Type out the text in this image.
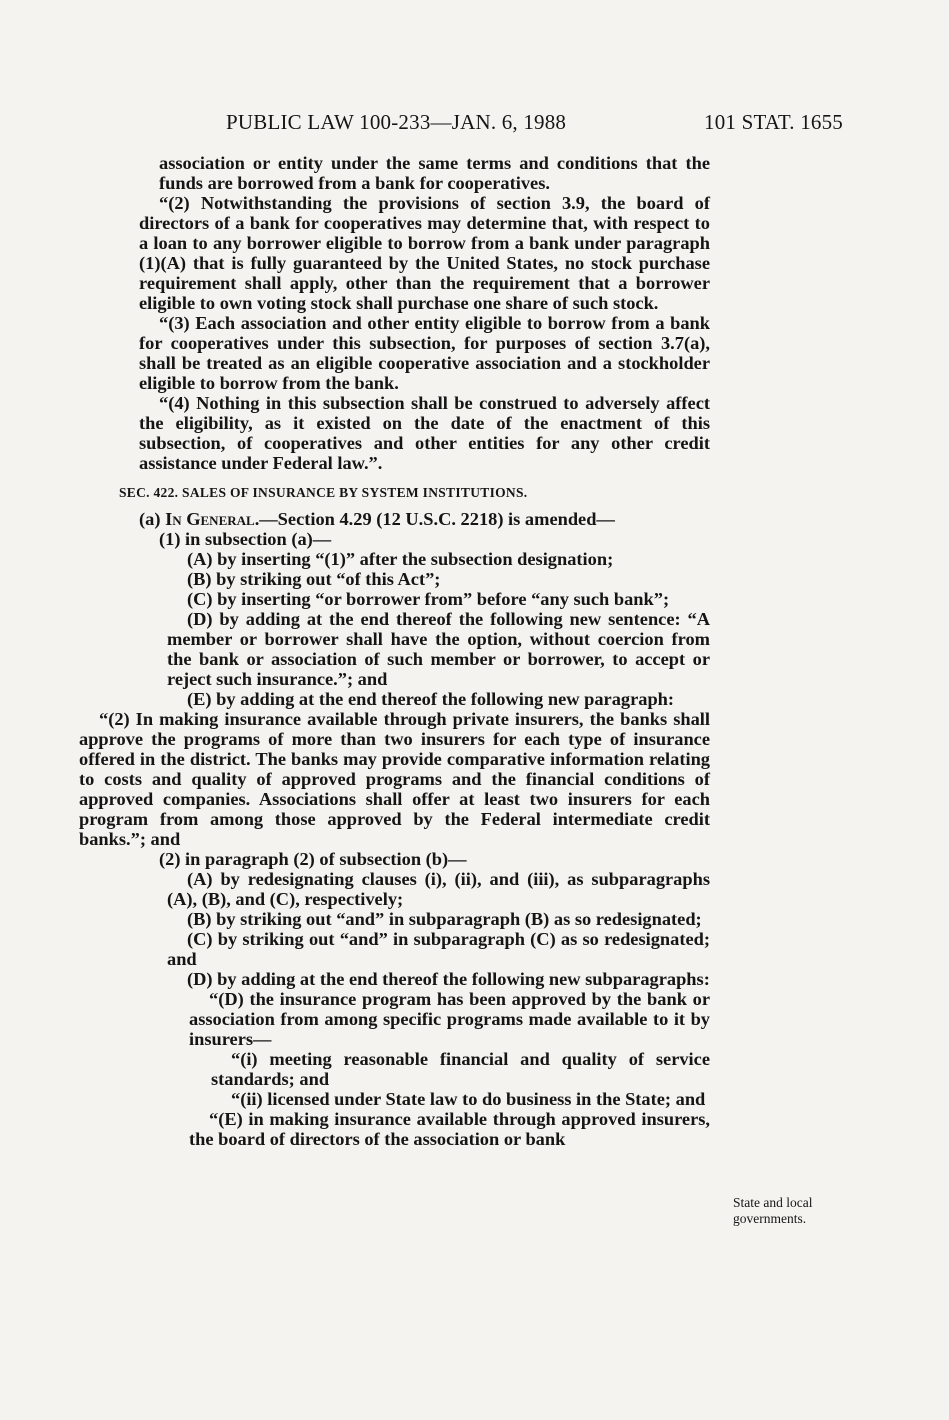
PUBLIC LAW 100-233—JAN. 6, 1988	101 STAT. 1655
association or entity under the same terms and conditions that the funds are borrowed from a bank for cooperatives.
“(2) Notwithstanding the provisions of section 3.9, the board of directors of a bank for cooperatives may determine that, with respect to a loan to any borrower eligible to borrow from a bank under paragraph (1)(A) that is fully guaranteed by the United States, no stock purchase requirement shall apply, other than the requirement that a borrower eligible to own voting stock shall purchase one share of such stock.
“(3) Each association and other entity eligible to borrow from a bank for cooperatives under this subsection, for purposes of section 3.7(a), shall be treated as an eligible cooperative association and a stockholder eligible to borrow from the bank.
“(4) Nothing in this subsection shall be construed to adversely affect the eligibility, as it existed on the date of the enactment of this subsection, of cooperatives and other entities for any other credit assistance under Federal law.”.
SEC. 422. SALES OF INSURANCE BY SYSTEM INSTITUTIONS.
(a) In General.—Section 4.29 (12 U.S.C. 2218) is amended—
(1) in subsection (a)—
(A) by inserting “(1)” after the subsection designation;
(B) by striking out “of this Act”;
(C) by inserting “or borrower from” before “any such bank”;
(D) by adding at the end thereof the following new sentence: “A member or borrower shall have the option, without coercion from the bank or association of such member or borrower, to accept or reject such insurance.”; and
(E) by adding at the end thereof the following new paragraph:
“(2) In making insurance available through private insurers, the banks shall approve the programs of more than two insurers for each type of insurance offered in the district. The banks may provide comparative information relating to costs and quality of approved programs and the financial conditions of approved companies. Associations shall offer at least two insurers for each program from among those approved by the Federal intermediate credit banks.”; and
(2) in paragraph (2) of subsection (b)—
(A) by redesignating clauses (i), (ii), and (iii), as subparagraphs (A), (B), and (C), respectively;
(B) by striking out “and” in subparagraph (B) as so redesignated;
(C) by striking out “and” in subparagraph (C) as so redesignated; and
(D) by adding at the end thereof the following new subparagraphs:
“(D) the insurance program has been approved by the bank or association from among specific programs made available to it by insurers—
“(i) meeting reasonable financial and quality of service standards; and
“(ii) licensed under State law to do business in the State; and
“(E) in making insurance available through approved insurers, the board of directors of the association or bank
State and local governments.
